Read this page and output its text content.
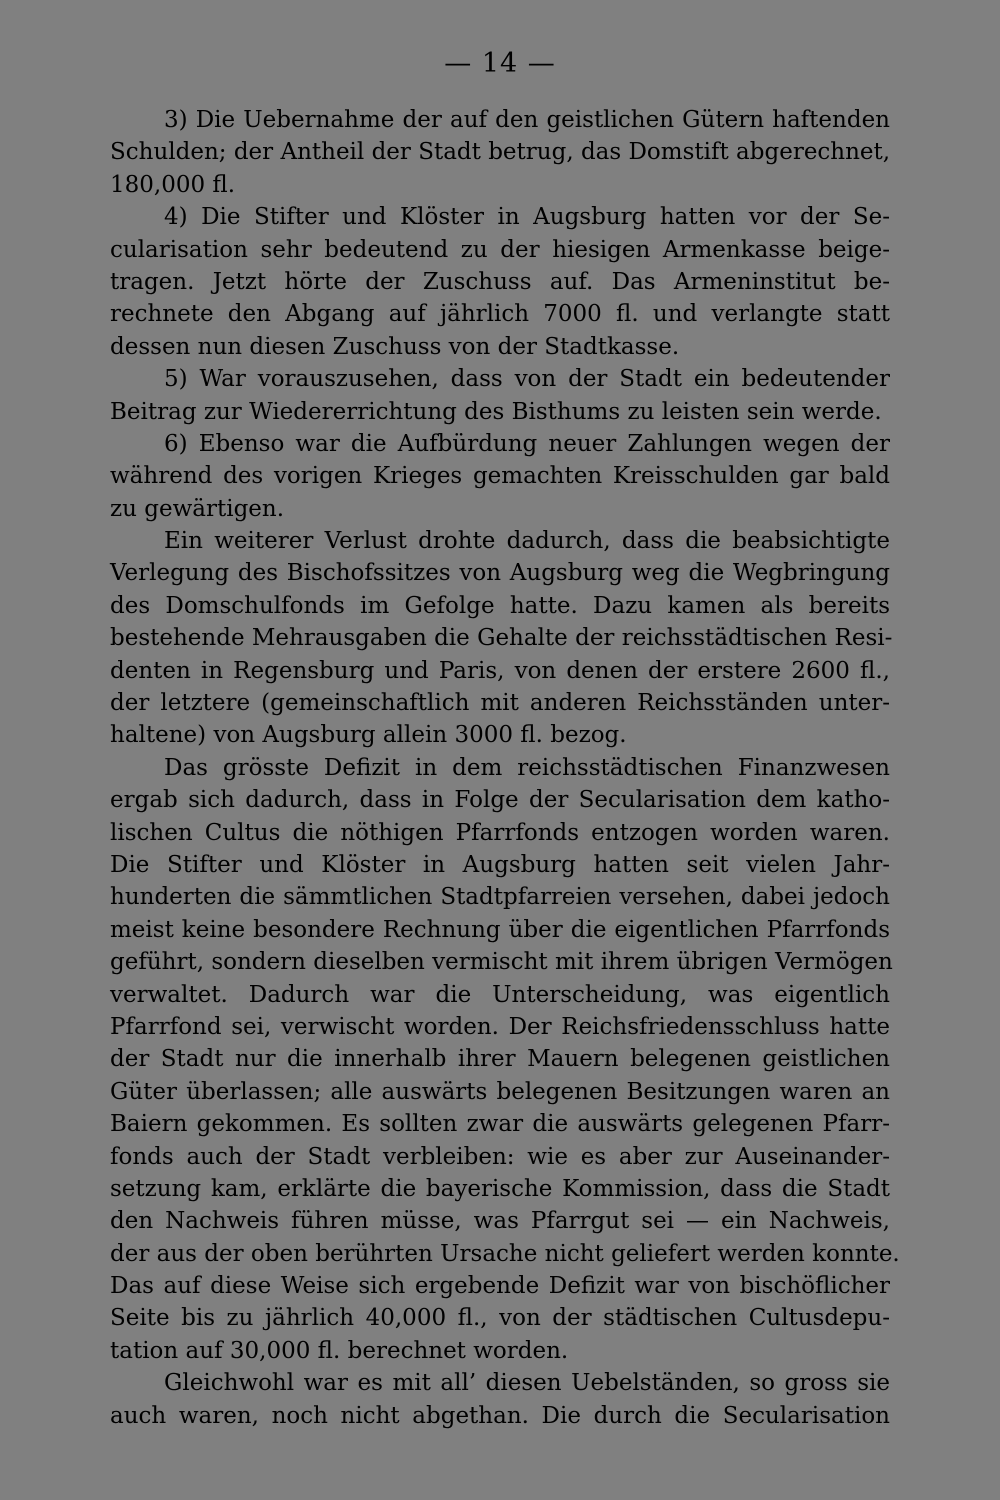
— 14 —
3) Die Uebernahme der auf den geistlichen Gütern haftenden
Schulden; der Antheil der Stadt betrug, das Domstift abgerechnet,
180,000 fl.
4) Die Stifter und Klöster in Augsburg hatten vor der Se-
cularisation sehr bedeutend zu der hiesigen Armenkasse beige-
tragen. Jetzt hörte der Zuschuss auf. Das Armeninstitut be-
rechnete den Abgang auf jährlich 7000 fl. und verlangte statt
dessen nun diesen Zuschuss von der Stadtkasse.
5) War vorauszusehen, dass von der Stadt ein bedeutender
Beitrag zur Wiedererrichtung des Bisthums zu leisten sein werde.
6) Ebenso war die Aufbürdung neuer Zahlungen wegen der
während des vorigen Krieges gemachten Kreisschulden gar bald
zu gewärtigen.
Ein weiterer Verlust drohte dadurch, dass die beabsichtigte
Verlegung des Bischofssitzes von Augsburg weg die Wegbringung
des Domschulfonds im Gefolge hatte. Dazu kamen als bereits
bestehende Mehrausgaben die Gehalte der reichsstädtischen Resi-
denten in Regensburg und Paris, von denen der erstere 2600 fl.,
der letztere (gemeinschaftlich mit anderen Reichsständen unter-
haltene) von Augsburg allein 3000 fl. bezog.
Das grösste Defizit in dem reichsstädtischen Finanzwesen
ergab sich dadurch, dass in Folge der Secularisation dem katho-
lischen Cultus die nöthigen Pfarrfonds entzogen worden waren.
Die Stifter und Klöster in Augsburg hatten seit vielen Jahr-
hunderten die sämmtlichen Stadtpfarreien versehen, dabei jedoch
meist keine besondere Rechnung über die eigentlichen Pfarrfonds
geführt, sondern dieselben vermischt mit ihrem übrigen Vermögen
verwaltet. Dadurch war die Unterscheidung, was eigentlich
Pfarrfond sei, verwischt worden. Der Reichsfriedensschluss hatte
der Stadt nur die innerhalb ihrer Mauern belegenen geistlichen
Güter überlassen; alle auswärts belegenen Besitzungen waren an
Baiern gekommen. Es sollten zwar die auswärts gelegenen Pfarr-
fonds auch der Stadt verbleiben: wie es aber zur Auseinander-
setzung kam, erklärte die bayerische Kommission, dass die Stadt
den Nachweis führen müsse, was Pfarrgut sei — ein Nachweis,
der aus der oben berührten Ursache nicht geliefert werden konnte.
Das auf diese Weise sich ergebende Defizit war von bischöflicher
Seite bis zu jährlich 40,000 fl., von der städtischen Cultusdepu-
tation auf 30,000 fl. berechnet worden.
Gleichwohl war es mit all’ diesen Uebelständen, so gross sie
auch waren, noch nicht abgethan. Die durch die Secularisation
